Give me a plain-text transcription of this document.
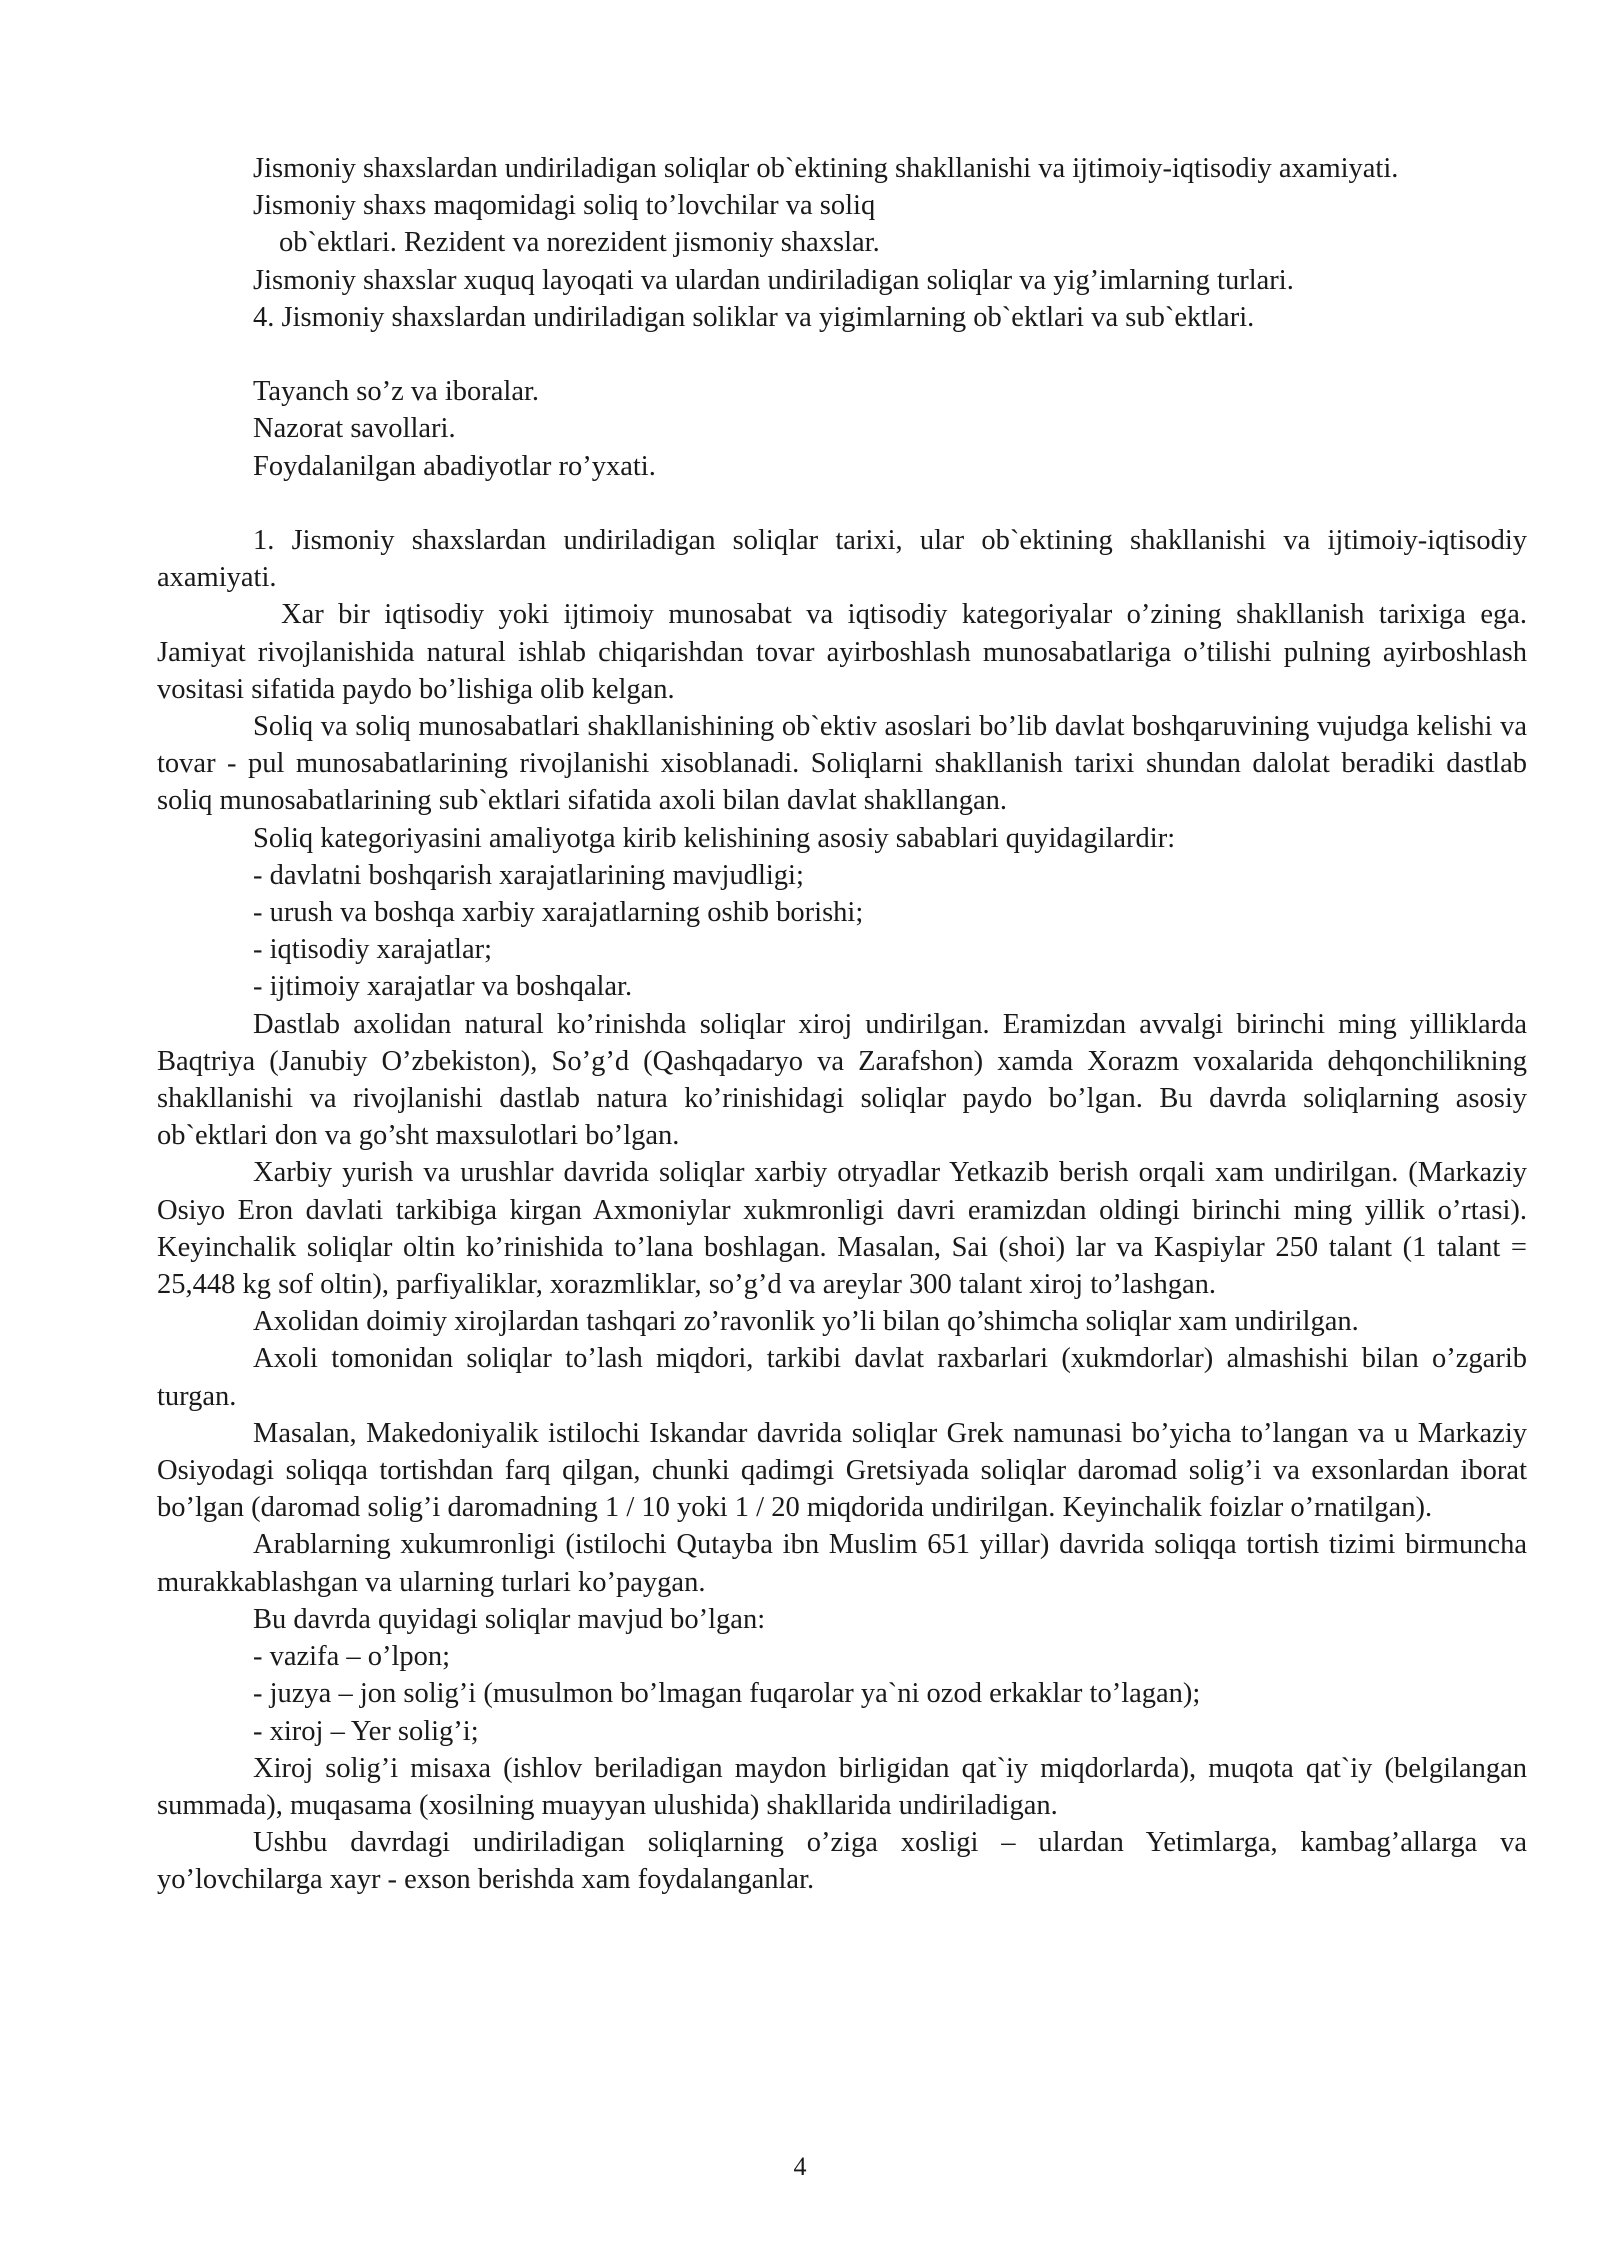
Jismoniy shaxslardan undiriladigan soliqlar ob`ektining shakllanishi va ijtimoiy-iqtisodiy axamiyati.

Jismoniy shaxs maqomidagi soliq to’lovchilar va soliq

ob`ektlari. Rezident va norezident jismoniy shaxslar.

Jismoniy shaxslar xuquq layoqati va ulardan undiriladigan soliqlar va yig’imlarning turlari.

4. Jismoniy shaxslardan undiriladigan soliklar va yigimlarning ob`ektlari va sub`ektlari.

Tayanch so’z va iboralar.

Nazorat savollari.

Foydalanilgan abadiyotlar ro’yxati.

1. Jismoniy shaxslardan undiriladigan soliqlar tarixi, ular ob`ektining shakllanishi va ijtimoiy-iqtisodiy axamiyati.

Xar bir iqtisodiy yoki ijtimoiy munosabat va iqtisodiy kategoriyalar o’zining shakllanish tarixiga ega. Jamiyat rivojlanishida natural ishlab chiqarishdan tovar ayirboshlash munosabatlariga o’tilishi pulning ayirboshlash vositasi sifatida paydo bo’lishiga olib kelgan.

Soliq va soliq munosabatlari shakllanishining ob`ektiv asoslari bo’lib davlat boshqaruvining vujudga kelishi va tovar - pul munosabatlarining rivojlanishi xisoblanadi. Soliqlarni shakllanish tarixi shundan dalolat beradiki dastlab soliq munosabatlarining sub`ektlari sifatida axoli bilan davlat shakllangan.

Soliq kategoriyasini amaliyotga kirib kelishining asosiy sabablari quyidagilardir:

- davlatni boshqarish xarajatlarining mavjudligi;

- urush va boshqa xarbiy xarajatlarning oshib borishi;

- iqtisodiy xarajatlar;

- ijtimoiy xarajatlar va boshqalar.

Dastlab axolidan natural ko’rinishda soliqlar xiroj undirilgan. Eramizdan avvalgi birinchi ming yilliklarda Baqtriya (Janubiy O’zbekiston), So’g’d (Qashqadaryo va Zarafshon) xamda Xorazm voxalarida dehqonchilikning shakllanishi va rivojlanishi dastlab natura ko’rinishidagi soliqlar paydo bo’lgan. Bu davrda soliqlarning asosiy ob`ektlari don va go’sht maxsulotlari bo’lgan.

Xarbiy yurish va urushlar davrida soliqlar xarbiy otryadlar Yetkazib berish orqali xam undirilgan. (Markaziy Osiyo Eron davlati tarkibiga kirgan Axmoniylar xukmronligi davri eramizdan oldingi birinchi ming yillik o’rtasi). Keyinchalik soliqlar oltin ko’rinishida to’lana boshlagan. Masalan, Sai (shoi) lar va Kaspiylar 250 talant (1 talant = 25,448 kg sof oltin), parfiyaliklar, xorazmliklar, so’g’d va areylar 300 talant xiroj to’lashgan.

Axolidan doimiy xirojlardan tashqari zo’ravonlik yo’li bilan qo’shimcha soliqlar xam undirilgan.

Axoli tomonidan soliqlar to’lash miqdori, tarkibi davlat raxbarlari (xukmdorlar) almashishi bilan o’zgarib turgan.

Masalan, Makedoniyalik istilochi Iskandar davrida soliqlar Grek namunasi bo’yicha to’langan va u Markaziy Osiyodagi soliqqa tortishdan farq qilgan, chunki qadimgi Gretsiyada soliqlar daromad solig’i va exsonlardan iborat bo’lgan (daromad solig’i daromadning 1 / 10 yoki 1 / 20 miqdorida undirilgan. Keyinchalik foizlar o’rnatilgan).

Arablarning xukumronligi (istilochi Qutayba ibn Muslim 651 yillar) davrida soliqqa tortish tizimi birmuncha murakkablashgan va ularning turlari ko’paygan.

Bu davrda quyidagi soliqlar mavjud bo’lgan:

- vazifa – o’lpon;

- juzya – jon solig’i (musulmon bo’lmagan fuqarolar ya`ni ozod erkaklar to’lagan);

- xiroj – Yer solig’i;

Xiroj solig’i misaxa (ishlov beriladigan maydon birligidan qat`iy miqdorlarda), muqota qat`iy (belgilangan summada), muqasama (xosilning muayyan ulushida) shakllarida undiriladigan.

Ushbu davrdagi undiriladigan soliqlarning o’ziga xosligi – ulardan Yetimlarga, kambag’allarga va yo’lovchilarga xayr - exson berishda xam foydalanganlar.

4
